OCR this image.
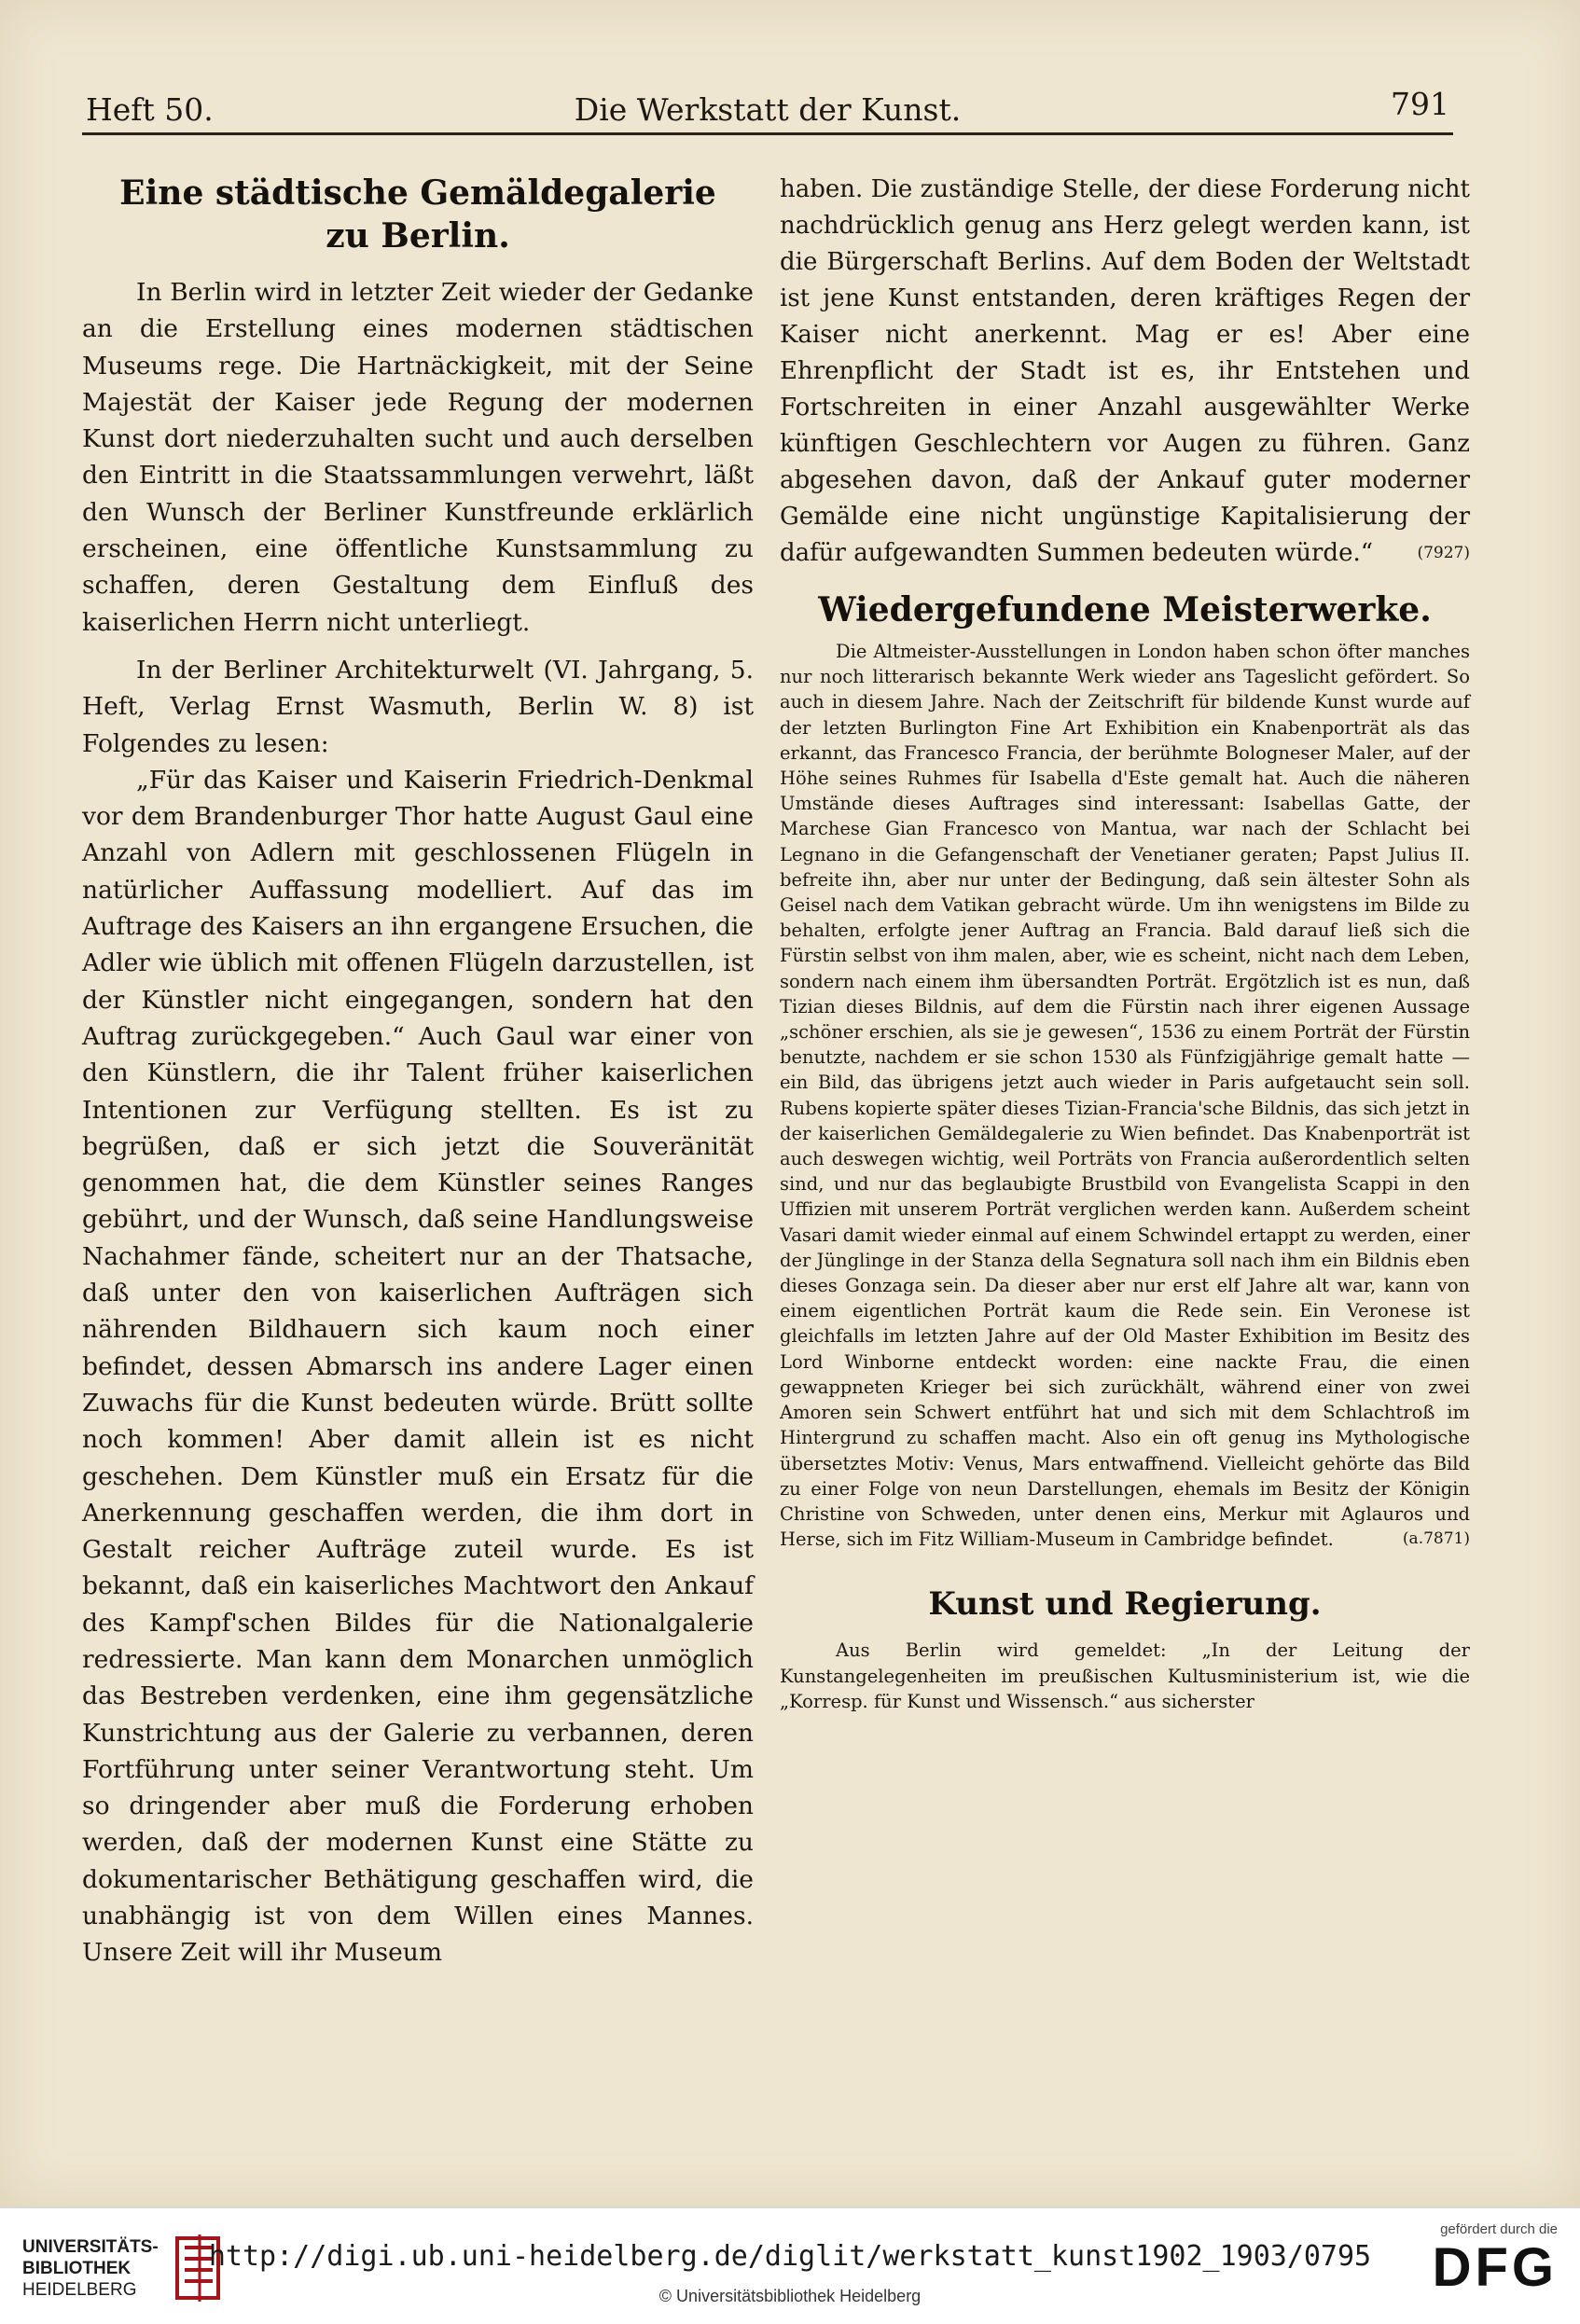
Heft 50.	Die Werkstatt der Kunst.	791
Eine städtische Gemäldegalerie
zu Berlin.

In Berlin wird in letzter Zeit wieder der Gedanke an die Erstellung eines modernen städtischen Museums rege. Die Hartnäckigkeit, mit der Seine Majestät der Kaiser jede Regung der modernen Kunst dort niederzuhalten sucht und auch derselben den Eintritt in die Staatssammlungen verwehrt, läßt den Wunsch der Berliner Kunstfreunde erklärlich erscheinen, eine öffentliche Kunstsammlung zu schaffen, deren Gestaltung dem Einfluß des kaiserlichen Herrn nicht unterliegt.

In der Berliner Architekturwelt (VI. Jahrgang, 5. Heft, Verlag Ernst Wasmuth, Berlin W. 8) ist Folgendes zu lesen:

„Für das Kaiser und Kaiserin Friedrich-Denkmal vor dem Brandenburger Thor hatte August Gaul eine Anzahl von Adlern mit geschlossenen Flügeln in natürlicher Auffassung modelliert. Auf das im Auftrage des Kaisers an ihn ergangene Ersuchen, die Adler wie üblich mit offenen Flügeln darzustellen, ist der Künstler nicht eingegangen, sondern hat den Auftrag zurückgegeben.“ Auch Gaul war einer von den Künstlern, die ihr Talent früher kaiserlichen Intentionen zur Verfügung stellten. Es ist zu begrüßen, daß er sich jetzt die Souveränität genommen hat, die dem Künstler seines Ranges gebührt, und der Wunsch, daß seine Handlungsweise Nachahmer fände, scheitert nur an der Thatsache, daß unter den von kaiserlichen Aufträgen sich nährenden Bildhauern sich kaum noch einer befindet, dessen Abmarsch ins andere Lager einen Zuwachs für die Kunst bedeuten würde. Brütt sollte noch kommen! Aber damit allein ist es nicht geschehen. Dem Künstler muß ein Ersatz für die Anerkennung geschaffen werden, die ihm dort in Gestalt reicher Aufträge zuteil wurde. Es ist bekannt, daß ein kaiserliches Machtwort den Ankauf des Kampf'schen Bildes für die Nationalgalerie redressierte. Man kann dem Monarchen unmöglich das Bestreben verdenken, eine ihm gegensätzliche Kunstrichtung aus der Galerie zu verbannen, deren Fortführung unter seiner Verantwortung steht. Um so dringender aber muß die Forderung erhoben werden, daß der modernen Kunst eine Stätte zu dokumentarischer Bethätigung geschaffen wird, die unabhängig ist von dem Willen eines Mannes. Unsere Zeit will ihr Museum

haben. Die zuständige Stelle, der diese Forderung nicht nachdrücklich genug ans Herz gelegt werden kann, ist die Bürgerschaft Berlins. Auf dem Boden der Weltstadt ist jene Kunst entstanden, deren kräftiges Regen der Kaiser nicht anerkennt. Mag er es! Aber eine Ehrenpflicht der Stadt ist es, ihr Entstehen und Fortschreiten in einer Anzahl ausgewählter Werke künftigen Geschlechtern vor Augen zu führen. Ganz abgesehen davon, daß der Ankauf guter moderner Gemälde eine nicht ungünstige Kapitalisierung der dafür aufgewandten Summen bedeuten würde.“	(7927)

Wiedergefundene Meisterwerke.

Die Altmeister-Ausstellungen in London haben schon öfter manches nur noch litterarisch bekannte Werk wieder ans Tageslicht gefördert. So auch in diesem Jahre. Nach der Zeitschrift für bildende Kunst wurde auf der letzten Burlington Fine Art Exhibition ein Knabenporträt als das erkannt, das Francesco Francia, der berühmte Bologneser Maler, auf der Höhe seines Ruhmes für Isabella d'Este gemalt hat. Auch die näheren Umstände dieses Auftrages sind interessant: Isabellas Gatte, der Marchese Gian Francesco von Mantua, war nach der Schlacht bei Legnano in die Gefangenschaft der Venetianer geraten; Papst Julius II. befreite ihn, aber nur unter der Bedingung, daß sein ältester Sohn als Geisel nach dem Vatikan gebracht würde. Um ihn wenigstens im Bilde zu behalten, erfolgte jener Auftrag an Francia. Bald darauf ließ sich die Fürstin selbst von ihm malen, aber, wie es scheint, nicht nach dem Leben, sondern nach einem ihm übersandten Porträt. Ergötzlich ist es nun, daß Tizian dieses Bildnis, auf dem die Fürstin nach ihrer eigenen Aussage „schöner erschien, als sie je gewesen“, 1536 zu einem Porträt der Fürstin benutzte, nachdem er sie schon 1530 als Fünfzigjährige gemalt hatte — ein Bild, das übrigens jetzt auch wieder in Paris aufgetaucht sein soll. Rubens kopierte später dieses Tizian-Francia'sche Bildnis, das sich jetzt in der kaiserlichen Gemäldegalerie zu Wien befindet. Das Knabenporträt ist auch deswegen wichtig, weil Porträts von Francia außerordentlich selten sind, und nur das beglaubigte Brustbild von Evangelista Scappi in den Uffizien mit unserem Porträt verglichen werden kann. Außerdem scheint Vasari damit wieder einmal auf einem Schwindel ertappt zu werden, einer der Jünglinge in der Stanza della Segnatura soll nach ihm ein Bildnis eben dieses Gonzaga sein. Da dieser aber nur erst elf Jahre alt war, kann von einem eigentlichen Porträt kaum die Rede sein. Ein Veronese ist gleichfalls im letzten Jahre auf der Old Master Exhibition im Besitz des Lord Winborne entdeckt worden: eine nackte Frau, die einen gewappneten Krieger bei sich zurückhält, während einer von zwei Amoren sein Schwert entführt hat und sich mit dem Schlachtroß im Hintergrund zu schaffen macht. Also ein oft genug ins Mythologische übersetztes Motiv: Venus, Mars entwaffnend. Vielleicht gehörte das Bild zu einer Folge von neun Darstellungen, ehemals im Besitz der Königin Christine von Schweden, unter denen eins, Merkur mit Aglauros und Herse, sich im Fitz William-Museum in Cambridge befindet.	(a.7871)

Kunst und Regierung.

Aus Berlin wird gemeldet: „In der Leitung der Kunstangelegenheiten im preußischen Kultusministerium ist, wie die „Korresp. für Kunst und Wissensch.“ aus sicherster

UNIVERSITÄTS-
BIBLIOTHEK
HEIDELBERG
http://digi.ub.uni-heidelberg.de/diglit/werkstatt_kunst1902_1903/0795
© Universitätsbibliothek Heidelberg
gefördert durch die
DFG
